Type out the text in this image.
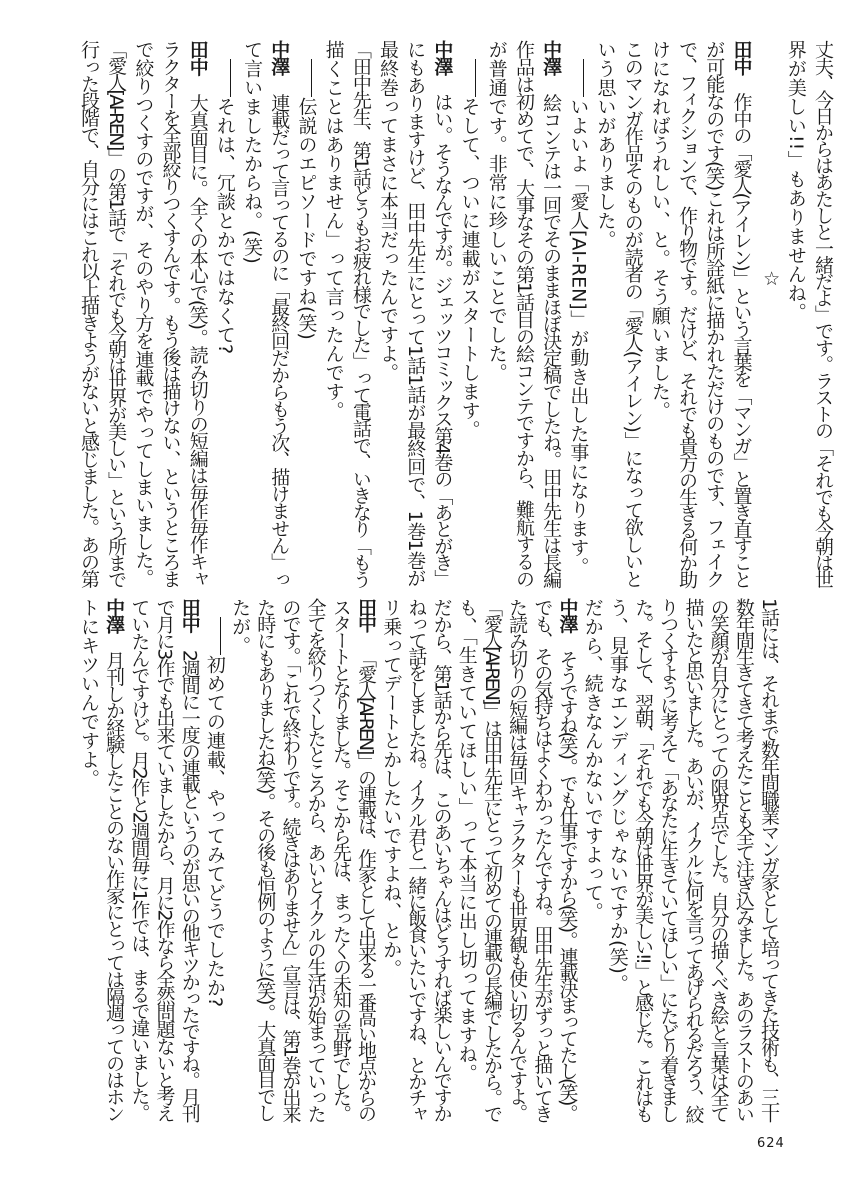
丈夫、今日からはあたしと一緒だよ」です。ラストの「それでも今朝は世
界が美しい!!」もありませんね。
☆
田中作中の「愛人(アイレン)」という言葉を「マンガ」と置き直すこと
が可能なのです(笑)これは所詮紙に描かれただけのものです、フェイク
で、フィクションで、作り物です。だけど、それでも貴方の生きる何か助
けになればうれしい、と。そう願いました。
このマンガ作品そのものが読者の「愛人(アイレン)」になって欲しいと
いう思いがありました。
いよいよ「愛人[AI-REN]」が動き出した事になります。
中澤絵コンテは一回でそのままほぼ決定稿でしたね。田中先生は長編
作品は初めてで、大事なその第1話目の絵コンテですから、難航するの
が普通です。非常に珍しいことでした。
そして、ついに連載がスタートします。
中澤はい。そうなんですが。ジェッツコミックス第4巻の「あとがき」
にもありますけど、田中先生にとって1話1話が最終回で、1巻1巻が
最終巻ってまさに本当だったんですよ。
「田中先生、第1話どうもお疲れ様でした」って電話で、いきなり「もう
描くことはありません」って言ったんです。
伝説のエピソードですね(笑)
中澤連載だって言ってるのに「最終回だからもう次、描けません」っ
て言いましたからね。(笑)
それは、冗談とかではなくて?
田中大真面目に。全くの本心で(笑)。読み切りの短編は毎作毎作キャ
ラクターを全部絞りつくすんです。もう後は描けない、というところま
で絞りつくすのですが、そのやり方を連載でやってしまいました。
「愛人[AI-REN]」の第1話で「それでも今朝は世界が美しい」という所まで
行った段階で、自分にはこれ以上描きようがないと感じました。あの第
1話には、それまで数年間職業マンガ家として培ってきた技術も、三十
数年間生きてきて考えたことも全て注ぎ込みました。あのラストのあい
の笑顔が自分にとっての限界点でした。自分の描くべき絵と言葉は全て
描いたと思いました。あいが、イクルに何を言ってあげられるだろう、絞
りつくすように考えて「あなたに生きていてほしい」にたどり着きまし
た。そして、翌朝、「それでも今朝は世界が美しい!!」と感じた。これはも
う、見事なエンディングじゃないですか(笑)。
だから、続きなんかないですよって。
中澤そうですね(笑)。でも仕事ですから(笑)。連載決まってたし(笑)。
でも、その気持ちはよくわかったんですね。田中先生がずっと描いてき
た読み切りの短編は毎回キャラクターも世界観も使い切るんですよ。
「愛人[AI-REN]」は田中先生にとって初めての連載の長編でしたから。で
も、「生きていてほしい」って本当に出し切ってますね。
だから、第1話から先は、このあいちゃんはどうすれば楽しいんですか
ねって話をしましたね。イクル君と一緒に飯食いたいですね、とかチャ
リ乗ってデートとかしたいですよね、とか。
田中「愛人[AI-REN]」の連載は、作家として出来る一番高い地点からの
スタートとなりました。そこから先は、まったくの未知の荒野でした。
全てを絞りつくしたところから、あいとイクルの生活が始まっていった
のです。「これで終わりです。続きはありません」宣言は、第1巻が出来
た時にもありましたね(笑)。その後も恒例のように(笑)。大真面目でし
たが。
初めての連載、やってみてどうでしたか?
田中2週間に一度の連載というのが思いの他キツかったですね。月刊
で月に3作でも出来ていましたから、月に2作なら全然問題ないと考え
ていたんですけど。月2作と2週間毎に1作では、まるで違いました。
中澤月刊しか経験したことのない作家にとっては隔週ってのはホン
トにキツいんですよ。
624
